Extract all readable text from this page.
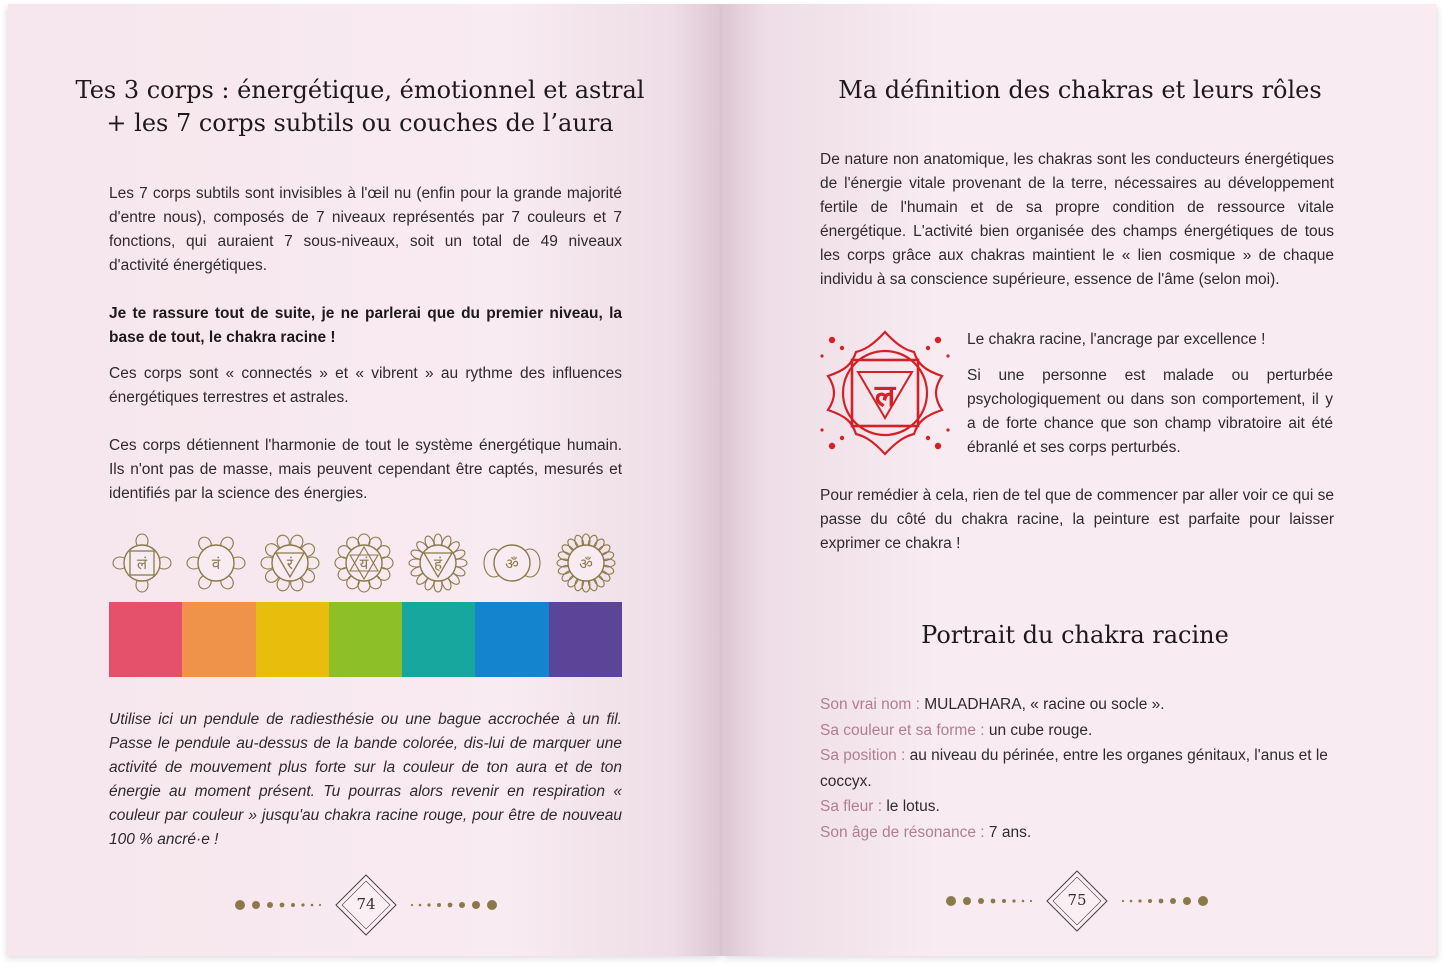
Tes 3 corps : énergétique, émotionnel et astral
+ les 7 corps subtils ou couches de l’aura

Les 7 corps subtils sont invisibles à l'œil nu (enfin pour la grande majorité d'entre nous), composés de 7 niveaux représentés par 7 couleurs et 7 fonctions, qui auraient 7 sous-niveaux, soit un total de 49 niveaux d'activité énergétiques.

Je te rassure tout de suite, je ne parlerai que du premier niveau, la base de tout, le chakra racine !

Ces corps sont « connectés » et « vibrent » au rythme des influences énergétiques terrestres et astrales.

Ces corps détiennent l'harmonie de tout le système énergétique humain. Ils n'ont pas de masse, mais peuvent cependant être captés, mesurés et identifiés par la science des énergies.

लं	वं	रं	यं	हं	ॐ	ॐ

Utilise ici un pendule de radiesthésie ou une bague accrochée à un fil. Passe le pendule au-dessus de la bande colorée, dis-lui de marquer une activité de mouvement plus forte sur la couleur de ton aura et de ton énergie au moment présent. Tu pourras alors revenir en respiration « couleur par couleur » jusqu'au chakra racine rouge, pour être de nouveau 100 % ancré·e !

74
Ma définition des chakras et leurs rôles

De nature non anatomique, les chakras sont les conducteurs énergétiques de l'énergie vitale provenant de la terre, nécessaires au développement fertile de l'humain et de sa propre condition de ressource vitale énergétique. L'activité bien organisée des champs énergétiques de tous les corps grâce aux chakras maintient le « lien cosmique » de chaque individu à sa conscience supérieure, essence de l'âme (selon moi).

ल

Le chakra racine, l'ancrage par excellence !

Si une personne est malade ou perturbée psychologiquement ou dans son comportement, il y a de forte chance que son champ vibratoire ait été ébranlé et ses corps perturbés.

Pour remédier à cela, rien de tel que de commencer par aller voir ce qui se passe du côté du chakra racine, la peinture est parfaite pour laisser exprimer ce chakra !

Portrait du chakra racine
Son vrai nom : MULADHARA, « racine ou socle ».
Sa couleur et sa forme : un cube rouge.
Sa position : au niveau du périnée, entre les organes génitaux, l'anus et le coccyx.
Sa fleur : le lotus.
Son âge de résonance : 7 ans.
75
